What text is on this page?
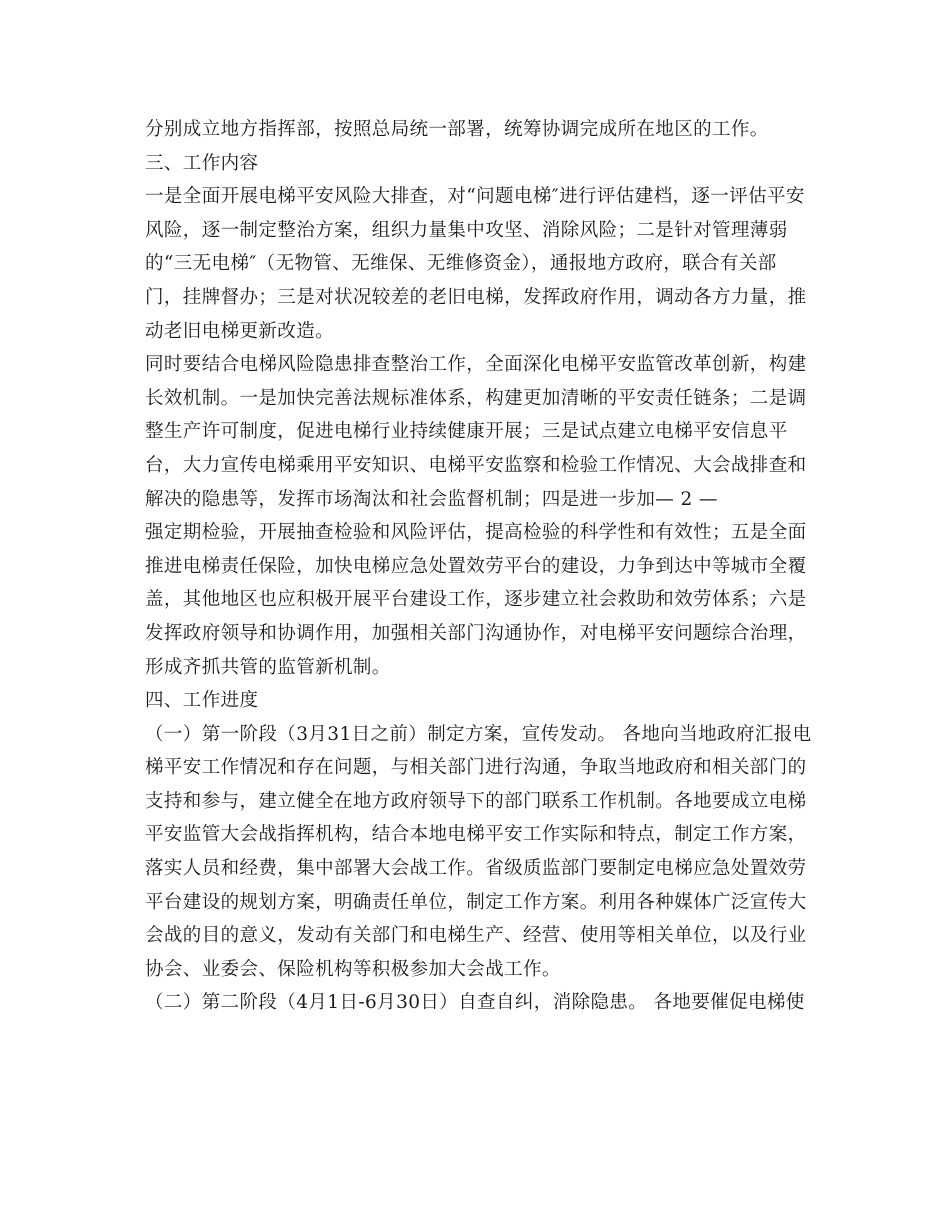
分别成立地方指挥部，按照总局统一部署，统筹协调完成所在地区的工作。
三、工作内容
一是全面开展电梯平安风险大排查，对“问题电梯″进行评估建档，逐一评估平安
风险，逐一制定整治方案，组织力量集中攻坚、消除风险；二是针对管理薄弱
的“三无电梯″（无物管、无维保、无维修资金），通报地方政府，联合有关部
门，挂牌督办；三是对状况较差的老旧电梯，发挥政府作用，调动各方力量，推
动老旧电梯更新改造。
同时要结合电梯风险隐患排查整治工作，全面深化电梯平安监管改革创新，构建
长效机制。一是加快完善法规标准体系，构建更加清晰的平安责任链条；二是调
整生产许可制度，促进电梯行业持续健康开展；三是试点建立电梯平安信息平
台，大力宣传电梯乘用平安知识、电梯平安监察和检验工作情况、大会战排查和
解决的隐患等，发挥市场淘汰和社会监督机制；四是进一步加— 2 —
强定期检验，开展抽查检验和风险评估，提高检验的科学性和有效性；五是全面
推进电梯责任保险，加快电梯应急处置效劳平台的建设，力争到达中等城市全覆
盖，其他地区也应积极开展平台建设工作，逐步建立社会救助和效劳体系；六是
发挥政府领导和协调作用，加强相关部门沟通协作，对电梯平安问题综合治理，
形成齐抓共管的监管新机制。
四、工作进度
（一）第一阶段（3月31日之前）制定方案，宣传发动。 各地向当地政府汇报电
梯平安工作情况和存在问题，与相关部门进行沟通，争取当地政府和相关部门的
支持和参与，建立健全在地方政府领导下的部门联系工作机制。各地要成立电梯
平安监管大会战指挥机构，结合本地电梯平安工作实际和特点，制定工作方案，
落实人员和经费，集中部署大会战工作。省级质监部门要制定电梯应急处置效劳
平台建设的规划方案，明确责任单位，制定工作方案。利用各种媒体广泛宣传大
会战的目的意义，发动有关部门和电梯生产、经营、使用等相关单位，以及行业
协会、业委会、保险机构等积极参加大会战工作。
（二）第二阶段（4月1日-6月30日）自查自纠，消除隐患。 各地要催促电梯使
